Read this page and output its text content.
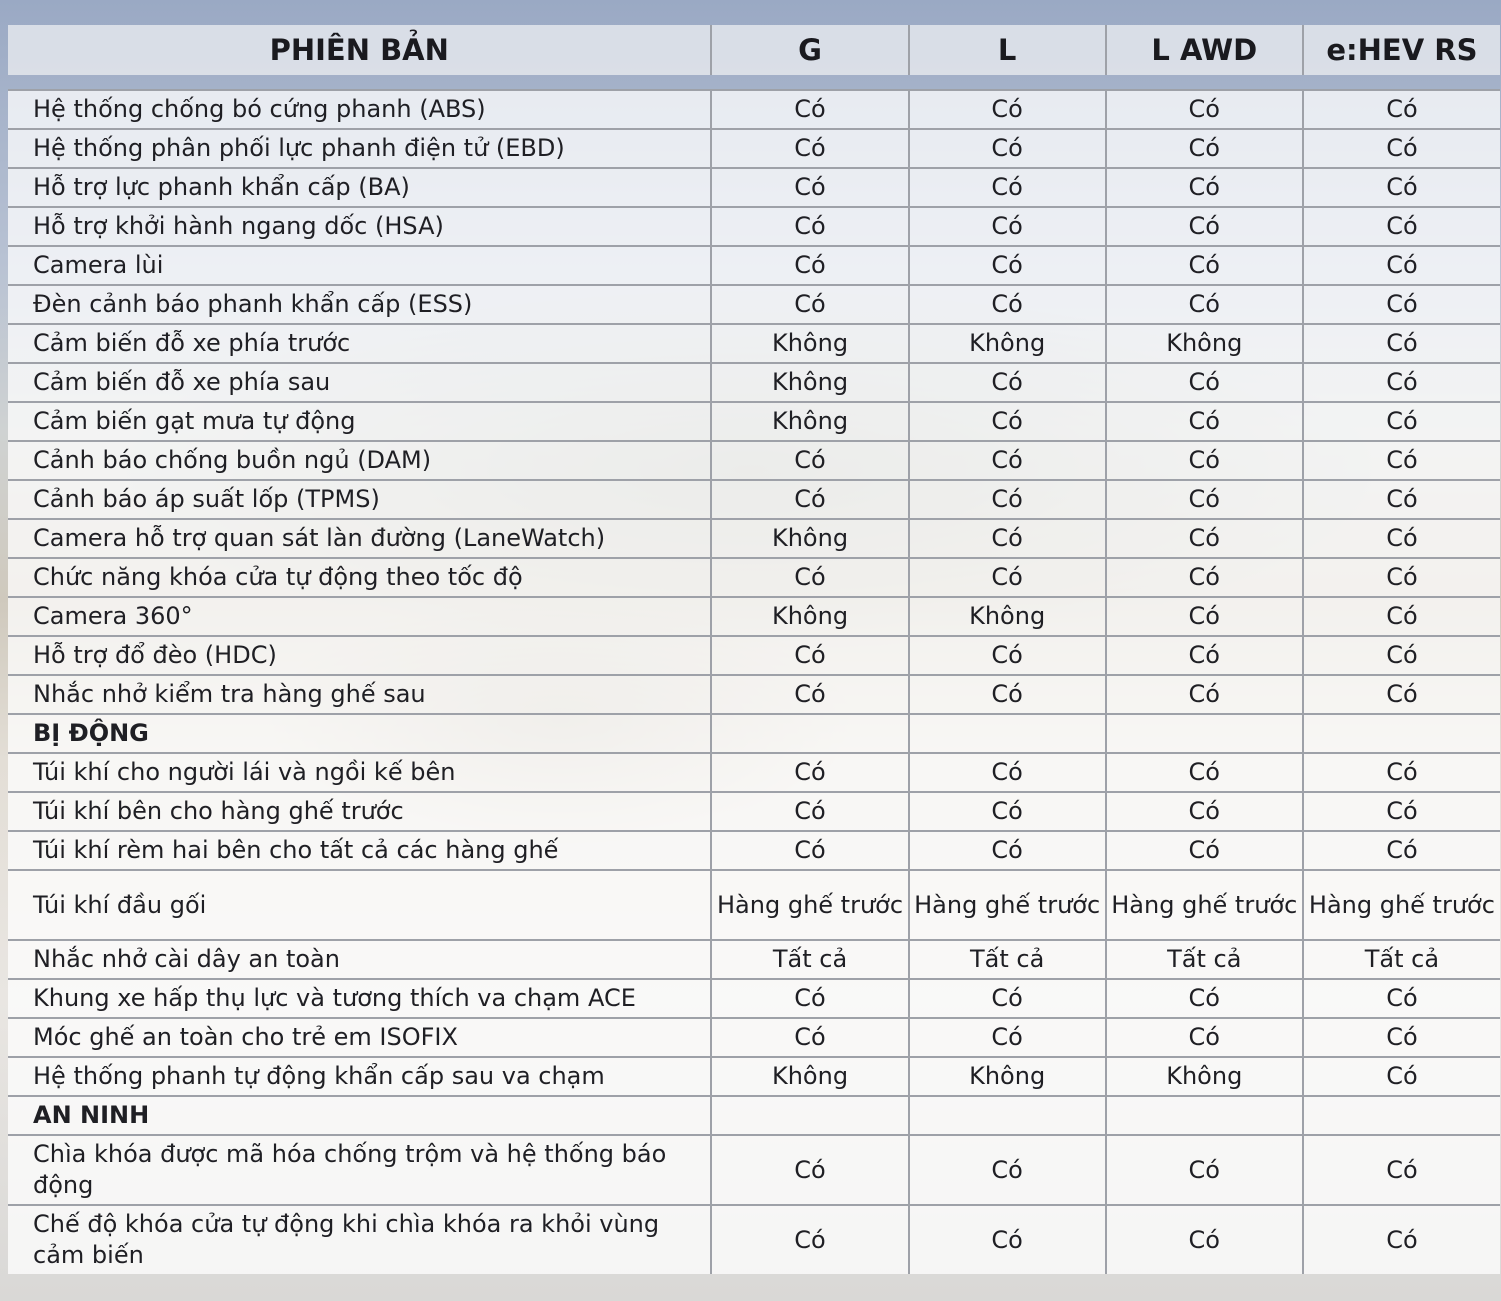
PHIÊN BẢN	G	L	L AWD	e:HEV RS

Hệ thống chống bó cứng phanh (ABS)	Có	Có	Có	Có
Hệ thống phân phối lực phanh điện tử (EBD)	Có	Có	Có	Có
Hỗ trợ lực phanh khẩn cấp (BA)	Có	Có	Có	Có
Hỗ trợ khởi hành ngang dốc (HSA)	Có	Có	Có	Có
Camera lùi	Có	Có	Có	Có
Đèn cảnh báo phanh khẩn cấp (ESS)	Có	Có	Có	Có
Cảm biến đỗ xe phía trước	Không	Không	Không	Có
Cảm biến đỗ xe phía sau	Không	Có	Có	Có
Cảm biến gạt mưa tự động	Không	Có	Có	Có
Cảnh báo chống buồn ngủ (DAM)	Có	Có	Có	Có
Cảnh báo áp suất lốp (TPMS)	Có	Có	Có	Có
Camera hỗ trợ quan sát làn đường (LaneWatch)	Không	Có	Có	Có
Chức năng khóa cửa tự động theo tốc độ	Có	Có	Có	Có
Camera 360°	Không	Không	Có	Có
Hỗ trợ đổ đèo (HDC)	Có	Có	Có	Có
Nhắc nhở kiểm tra hàng ghế sau	Có	Có	Có	Có
BỊ ĐỘNG				
Túi khí cho người lái và ngồi kế bên	Có	Có	Có	Có
Túi khí bên cho hàng ghế trước	Có	Có	Có	Có
Túi khí rèm hai bên cho tất cả các hàng ghế	Có	Có	Có	Có
Túi khí đầu gối	Hàng ghế trước	Hàng ghế trước	Hàng ghế trước	Hàng ghế trước
Nhắc nhở cài dây an toàn	Tất cả	Tất cả	Tất cả	Tất cả
Khung xe hấp thụ lực và tương thích va chạm ACE	Có	Có	Có	Có
Móc ghế an toàn cho trẻ em ISOFIX	Có	Có	Có	Có
Hệ thống phanh tự động khẩn cấp sau va chạm	Không	Không	Không	Có
AN NINH				
Chìa khóa được mã hóa chống trộm và hệ thống báo động	Có	Có	Có	Có
Chế độ khóa cửa tự động khi chìa khóa ra khỏi vùng cảm biến	Có	Có	Có	Có
